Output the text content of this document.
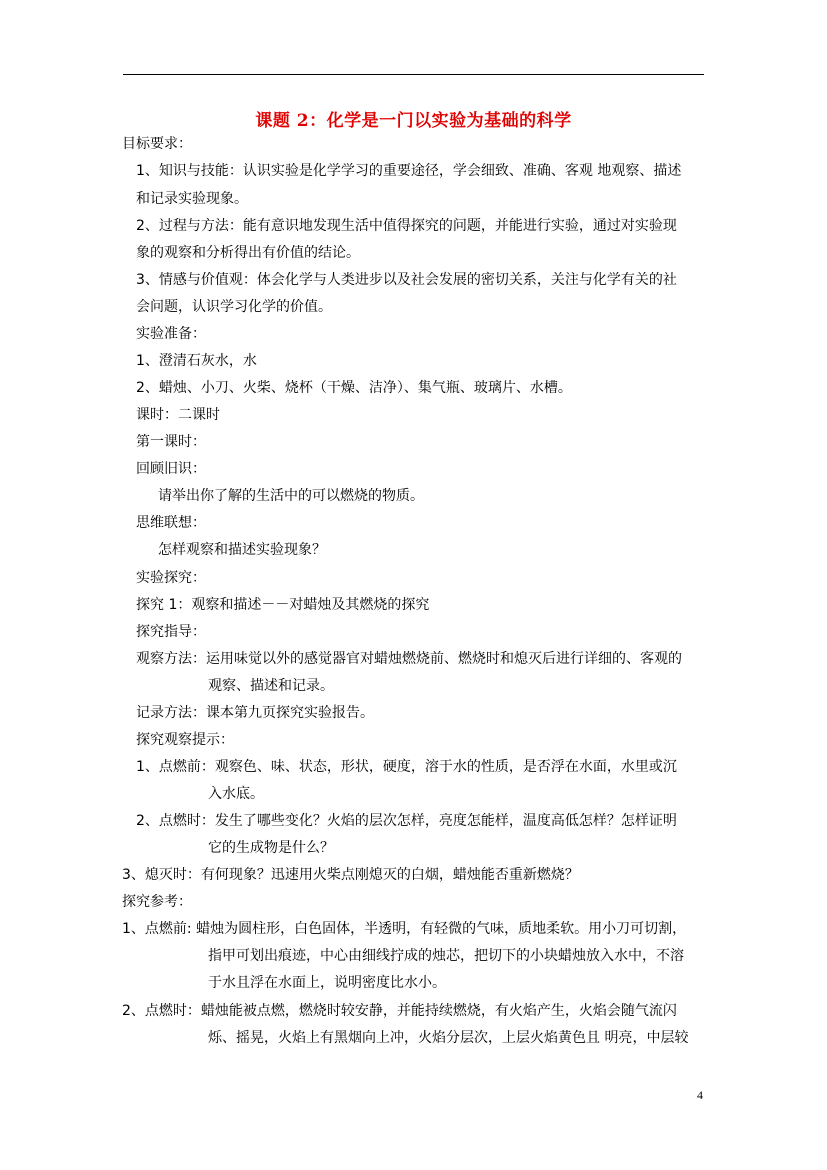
课题 2：化学是一门以实验为基础的科学
目标要求：
1、知识与技能：认识实验是化学学习的重要途径，学会细致、准确、客观 地观察、描述
和记录实验现象。
2、过程与方法：能有意识地发现生活中值得探究的问题，并能进行实验，通过对实验现
象的观察和分析得出有价值的结论。
3、情感与价值观：体会化学与人类进步以及社会发展的密切关系，关注与化学有关的社
会问题，认识学习化学的价值。
实验准备：
1、澄清石灰水，水
2、蜡烛、小刀、火柴、烧杯（干燥、洁净）、集气瓶、玻璃片、水槽。
课时：二课时
第一课时：
回顾旧识：
请举出你了解的生活中的可以燃烧的物质。
思维联想：
怎样观察和描述实验现象？
实验探究：
探究 1：观察和描述－－对蜡烛及其燃烧的探究
探究指导：
观察方法：运用味觉以外的感觉器官对蜡烛燃烧前、燃烧时和熄灭后进行详细的、客观的
观察、描述和记录。
记录方法：课本第九页探究实验报告。
探究观察提示：
1、点燃前：观察色、味、状态，形状，硬度，溶于水的性质，是否浮在水面，水里或沉
入水底。
2、点燃时：发生了哪些变化？火焰的层次怎样，亮度怎能样，温度高低怎样？怎样证明
它的生成物是什么？
3、熄灭时：有何现象？迅速用火柴点刚熄灭的白烟，蜡烛能否重新燃烧？
探究参考：
1、点燃前: 蜡烛为圆柱形，白色固体，半透明，有轻微的气味，质地柔软。用小刀可切割，
指甲可划出痕迹，中心由细线拧成的烛芯，把切下的小块蜡烛放入水中，不溶
于水且浮在水面上，说明密度比水小。
2、点燃时：蜡烛能被点燃，燃烧时较安静，并能持续燃烧，有火焰产生，火焰会随气流闪
烁、摇晃，火焰上有黑烟向上冲，火焰分层次，上层火焰黄色且 明亮，中层较
4
